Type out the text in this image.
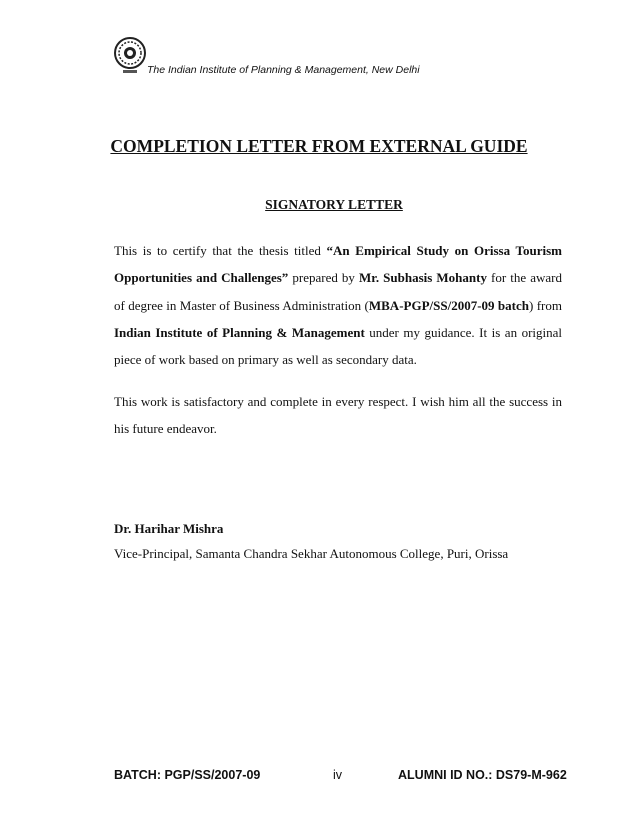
The Indian Institute of Planning & Management, New Delhi
COMPLETION LETTER FROM EXTERNAL GUIDE
SIGNATORY LETTER
This is to certify that the thesis titled “An Empirical Study on Orissa Tourism Opportunities and Challenges” prepared by Mr. Subhasis Mohanty for the award of degree in Master of Business Administration (MBA-PGP/SS/2007-09 batch) from Indian Institute of Planning & Management under my guidance. It is an original piece of work based on primary as well as secondary data.
This work is satisfactory and complete in every respect. I wish him all the success in his future endeavor.
Dr. Harihar Mishra
Vice-Principal, Samanta Chandra Sekhar Autonomous College, Puri, Orissa
BATCH: PGP/SS/2007-09	iv	ALUMNI ID NO.: DS79-M-962
